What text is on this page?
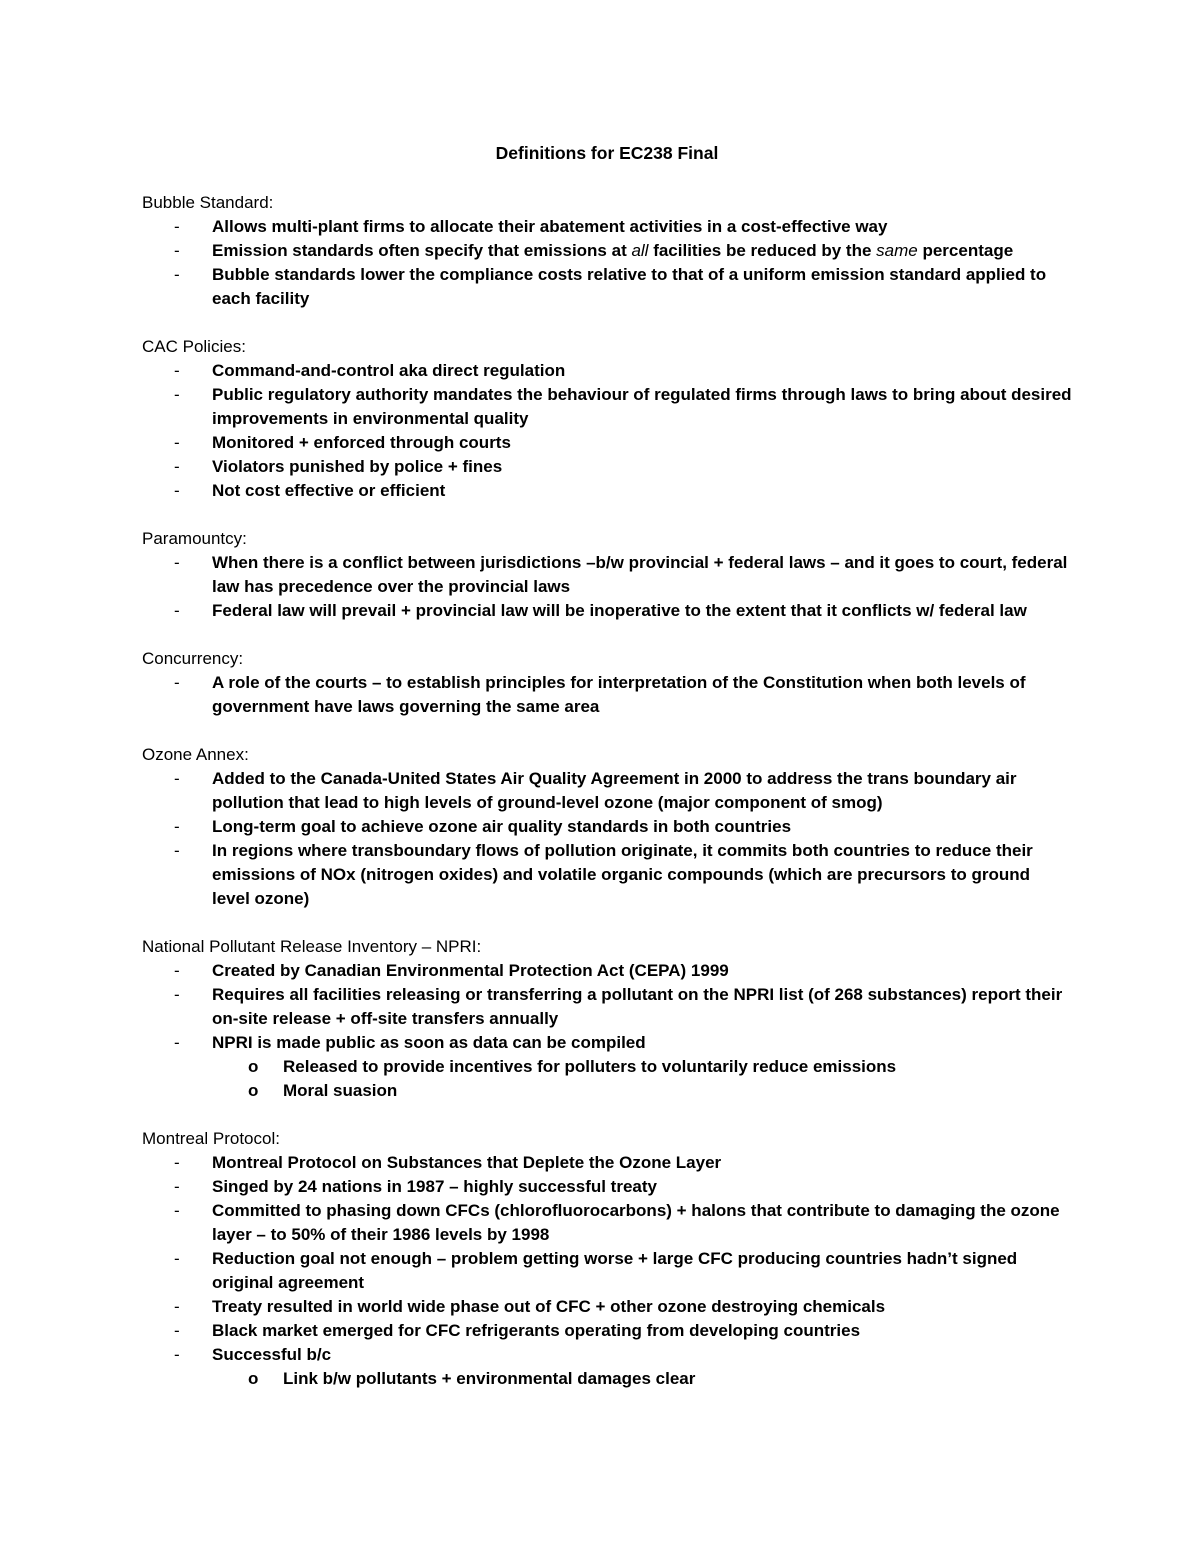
Definitions for EC238 Final
Bubble Standard:
- Allows multi-plant firms to allocate their abatement activities in a cost-effective way
- Emission standards often specify that emissions at all facilities be reduced by the same percentage
- Bubble standards lower the compliance costs relative to that of a uniform emission standard applied to each facility
CAC Policies:
- Command-and-control aka direct regulation
- Public regulatory authority mandates the behaviour of regulated firms through laws to bring about desired improvements in environmental quality
- Monitored + enforced through courts
- Violators punished by police + fines
- Not cost effective or efficient
Paramountcy:
- When there is a conflict between jurisdictions –b/w provincial + federal laws – and it goes to court, federal law has precedence over the provincial laws
- Federal law will prevail + provincial law will be inoperative to the extent that it conflicts w/ federal law
Concurrency:
- A role of the courts – to establish principles for interpretation of the Constitution when both levels of government have laws governing the same area
Ozone Annex:
- Added to the Canada-United States Air Quality Agreement in 2000 to address the trans boundary air pollution that lead to high levels of ground-level ozone (major component of smog)
- Long-term goal to achieve ozone air quality standards in both countries
- In regions where transboundary flows of pollution originate, it commits both countries to reduce their emissions of NOx (nitrogen oxides) and volatile organic compounds (which are precursors to ground level ozone)
National Pollutant Release Inventory – NPRI:
- Created by Canadian Environmental Protection Act (CEPA) 1999
- Requires all facilities releasing or transferring a pollutant on the NPRI list (of 268 substances) report their on-site release + off-site transfers annually
- NPRI is made public as soon as data can be compiled
o Released to provide incentives for polluters to voluntarily reduce emissions
o Moral suasion
Montreal Protocol:
- Montreal Protocol on Substances that Deplete the Ozone Layer
- Singed by 24 nations in 1987 – highly successful treaty
- Committed to phasing down CFCs (chlorofluorocarbons) + halons that contribute to damaging the ozone layer – to 50% of their 1986 levels by 1998
- Reduction goal not enough – problem getting worse + large CFC producing countries hadn’t signed original agreement
- Treaty resulted in world wide phase out of CFC + other ozone destroying chemicals
- Black market emerged for CFC refrigerants operating from developing countries
- Successful b/c
o Link b/w pollutants + environmental damages clear
